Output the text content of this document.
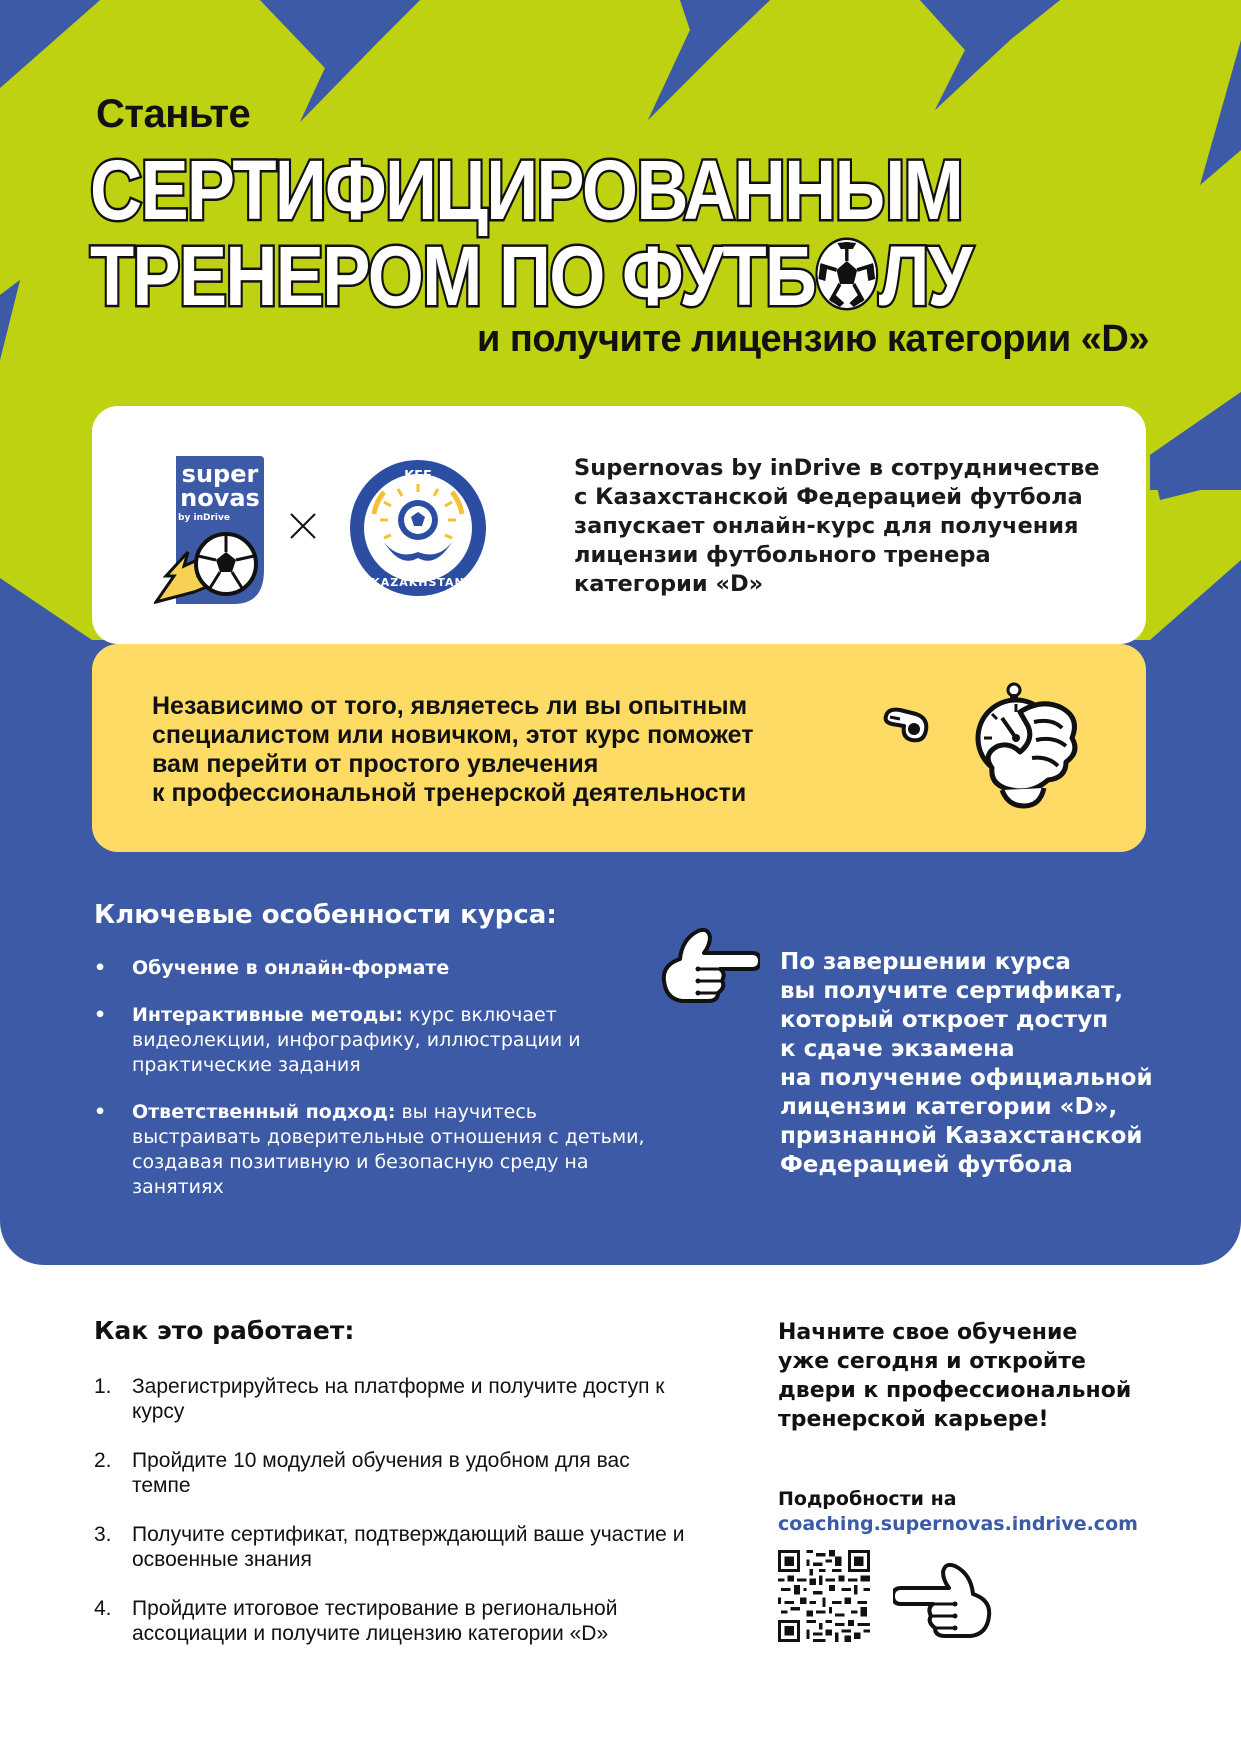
Станьте
СЕРТИФИЦИРОВАННЫМ
ТРЕНЕРОМ ПО ФУТБ ЛУ
и получите лицензию категории «D»
super
novas
by inDrive
KFF
KAZAKHSTAN
Supernovas by inDrive в сотрудничестве
с Казахстанской Федерацией футбола
запускает онлайн-курс для получения
лицензии футбольного тренера
категории «D»
Независимо от того, являетесь ли вы опытным
специалистом или новичком, этот курс поможет
вам перейти от простого увлечения
к профессиональной тренерской деятельности
Ключевые особенности курса:
• Обучение в онлайн-формате
• Интерактивные методы: курс включает видеолекции, инфографику, иллюстрации и практические задания
• Ответственный подход: вы научитесь выстраивать доверительные отношения с детьми, создавая позитивную и безопасную среду на занятиях
По завершении курса
вы получите сертификат,
который откроет доступ
к сдаче экзамена
на получение официальной
лицензии категории «D»,
признанной Казахстанской
Федерацией футбола
Как это работает:
1. Зарегистрируйтесь на платформе и получите доступ к курсу
2. Пройдите 10 модулей обучения в удобном для вас темпе
3. Получите сертификат, подтверждающий ваше участие и освоенные знания
4. Пройдите итоговое тестирование в региональной ассоциации и получите лицензию категории «D»
Начните свое обучение
уже сегодня и откройте
двери к профессиональной
тренерской карьере!
Подробности на
coaching.supernovas.indrive.com
